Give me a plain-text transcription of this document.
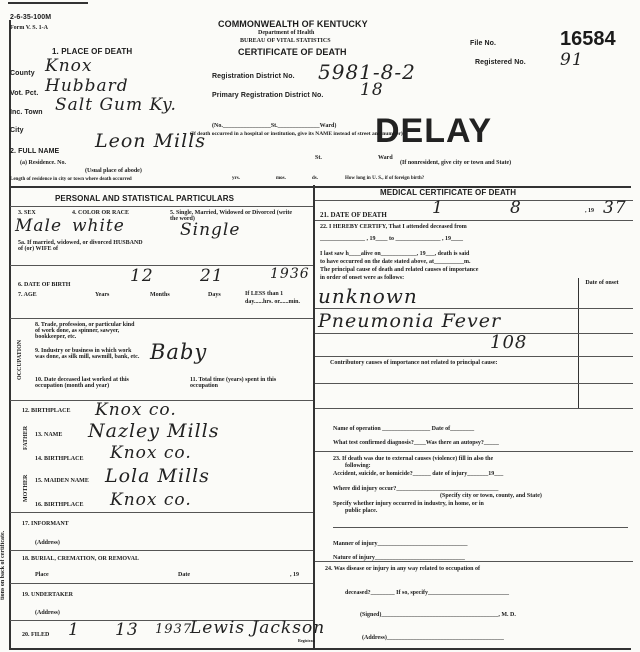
2-6-35-100M
Form V. S. 1-A	COMMONWEALTH OF KENTUCKY
Department of Health
BUREAU OF VITAL STATISTICS
CERTIFICATE OF DEATH
File No.	16584
Registered No. 91
Registration District No. 5981-8-2
Primary Registration District No. 18
DELAY
1. PLACE OF DEATH
County Knox
Vot. Pct. Hubbard
Inc. Town Salt Gum Ky.
City
(No.________________St.______________Ward)
(If death occurred in a hospital or institution, give its NAME instead of street and number)
2. FULL NAME Leon Mills
(a) Residence. No.
(Usual place of abode)
St.	Ward
(If nonresident, give city or town and State)
Length of residence in city or town where death occurred	yrs.	mos.	ds.	How long in U. S., if of foreign birth?
PERSONAL AND STATISTICAL PARTICULARS
3. SEX
Male
4. COLOR OR RACE
white
5. Single, Married, Widowed or Divorced (write the word)
Single
5a. If married, widowed, or divorced HUSBAND of (or) WIFE of
6. DATE OF BIRTH	12	21	1936
7. AGE	Years	Months	Days	If LESS than 1 day......hrs. or......min.
OCCUPATION
8. Trade, profession, or particular kind of work done, as spinner, sawyer, bookkeeper, etc.
9. Industry or business in which work was done, as silk mill, sawmill, bank, etc. Baby
10. Date deceased last worked at this occupation (month and year)
11. Total time (years) spent in this occupation
12. BIRTHPLACE Knox co.
FATHER 13. NAME Nazley Mills
14. BIRTHPLACE Knox co.
MOTHER 15. MAIDEN NAME Lola Mills
16. BIRTHPLACE Knox co.
17. INFORMANT
(Address)
18. BURIAL, CREMATION, OR REMOVAL
Place	Date	, 19
19. UNDERTAKER
(Address)
20. FILED 1 13 1937
Lewis Jackson
Registrar.
MEDICAL CERTIFICATE OF DEATH
21. DATE OF DEATH	1	8	, 19 37
22. I HEREBY CERTIFY, That I attended deceased from
_______________ , 19____ to _______________ , 19____
I last saw h____alive on____________, 19___, death is said
to have occurred on the date stated above, at__________m.
The principal cause of death and related causes of importance
in order of onset were as follows:
Date of onset
unknown
Pneumonia Fever
108
Contributory causes of importance not related to principal cause:
Name of operation ________________ Date of________
What test confirmed diagnosis?____Was there an autopsy?_____
23. If death was due to external causes (violence) fill in also the
following:
Accident, suicide, or homicide?______ date of injury_______19___
Where did injury occur?__________________________________
(Specify city or town, county, and State)
Specify whether injury occurred in industry, in home, or in
public place.
Manner of injury______________________________
Nature of injury______________________________
24. Was disease or injury in any way related to occupation of
deceased?________ If so, specify___________________________
(Signed)_______________________________________, M. D.
(Address)_______________________________________
tions on back of certificate.
